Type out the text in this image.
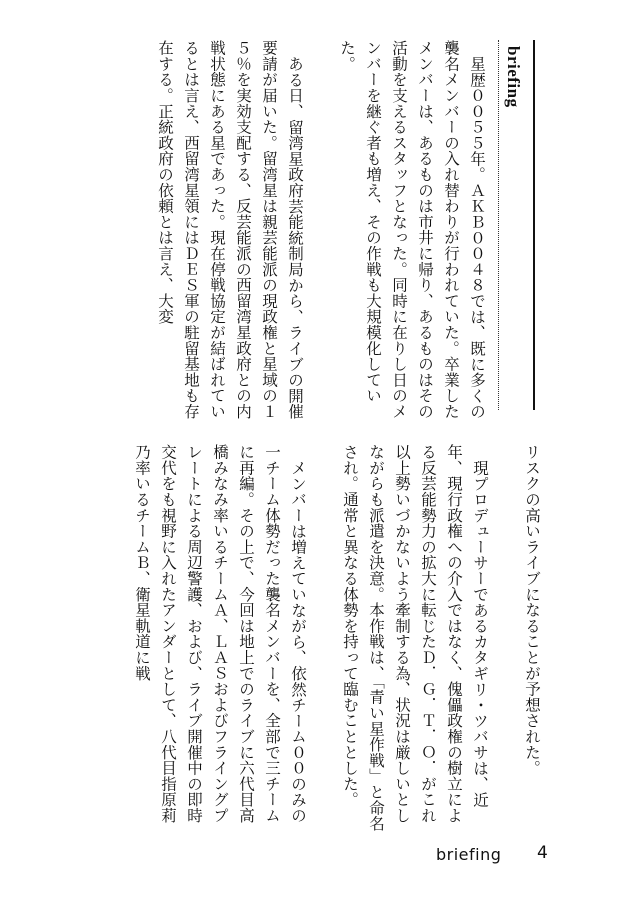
briefing

星歴００５５年。ＡＫＢ００４８では、既に多くの襲名メンバーの入れ替わりが行われていた。卒業したメンバーは、あるものは市井に帰り、あるものはその活動を支えるスタッフとなった。同時に在りし日のメンバーを継ぐ者も増え、その作戦も大規模化していた。

ある日、留湾星政府芸能統制局から、ライブの開催要請が届いた。留湾星は親芸能派の現政権と星域の１５％を実効支配する、反芸能派の西留湾星政府との内戦状態にある星であった。現在停戦協定が結ばれているとは言え、西留湾星領にはＤＥＳ軍の駐留基地も存在する。正統政府の依頼とは言え、大変

リスクの高いライブになることが予想された。

現プロデューサーであるカタギリ・ツバサは、近年、現行政権への介入ではなく、傀儡政権の樹立による反芸能勢力の拡大に転じたＤ．Ｇ．Ｔ．Ｏ．がこれ以上勢いづかないよう牽制する為、状況は厳しいとしながらも派遣を決意。本作戦は、「青い星作戦」と命名され。通常と異なる体勢を持って臨むこととした。

メンバーは増えていながら、依然チーム００のみの一チーム体勢だった襲名メンバーを、全部で三チームに再編。その上で、今回は地上でのライブに六代目高橋みなみ率いるチームＡ、ＬＡＳおよびフライングプレートによる周辺警護、および、ライブ開催中の即時交代をも視野に入れたアンダーとして、八代目指原莉乃率いるチームＢ、衛星軌道に戦

briefing 4
